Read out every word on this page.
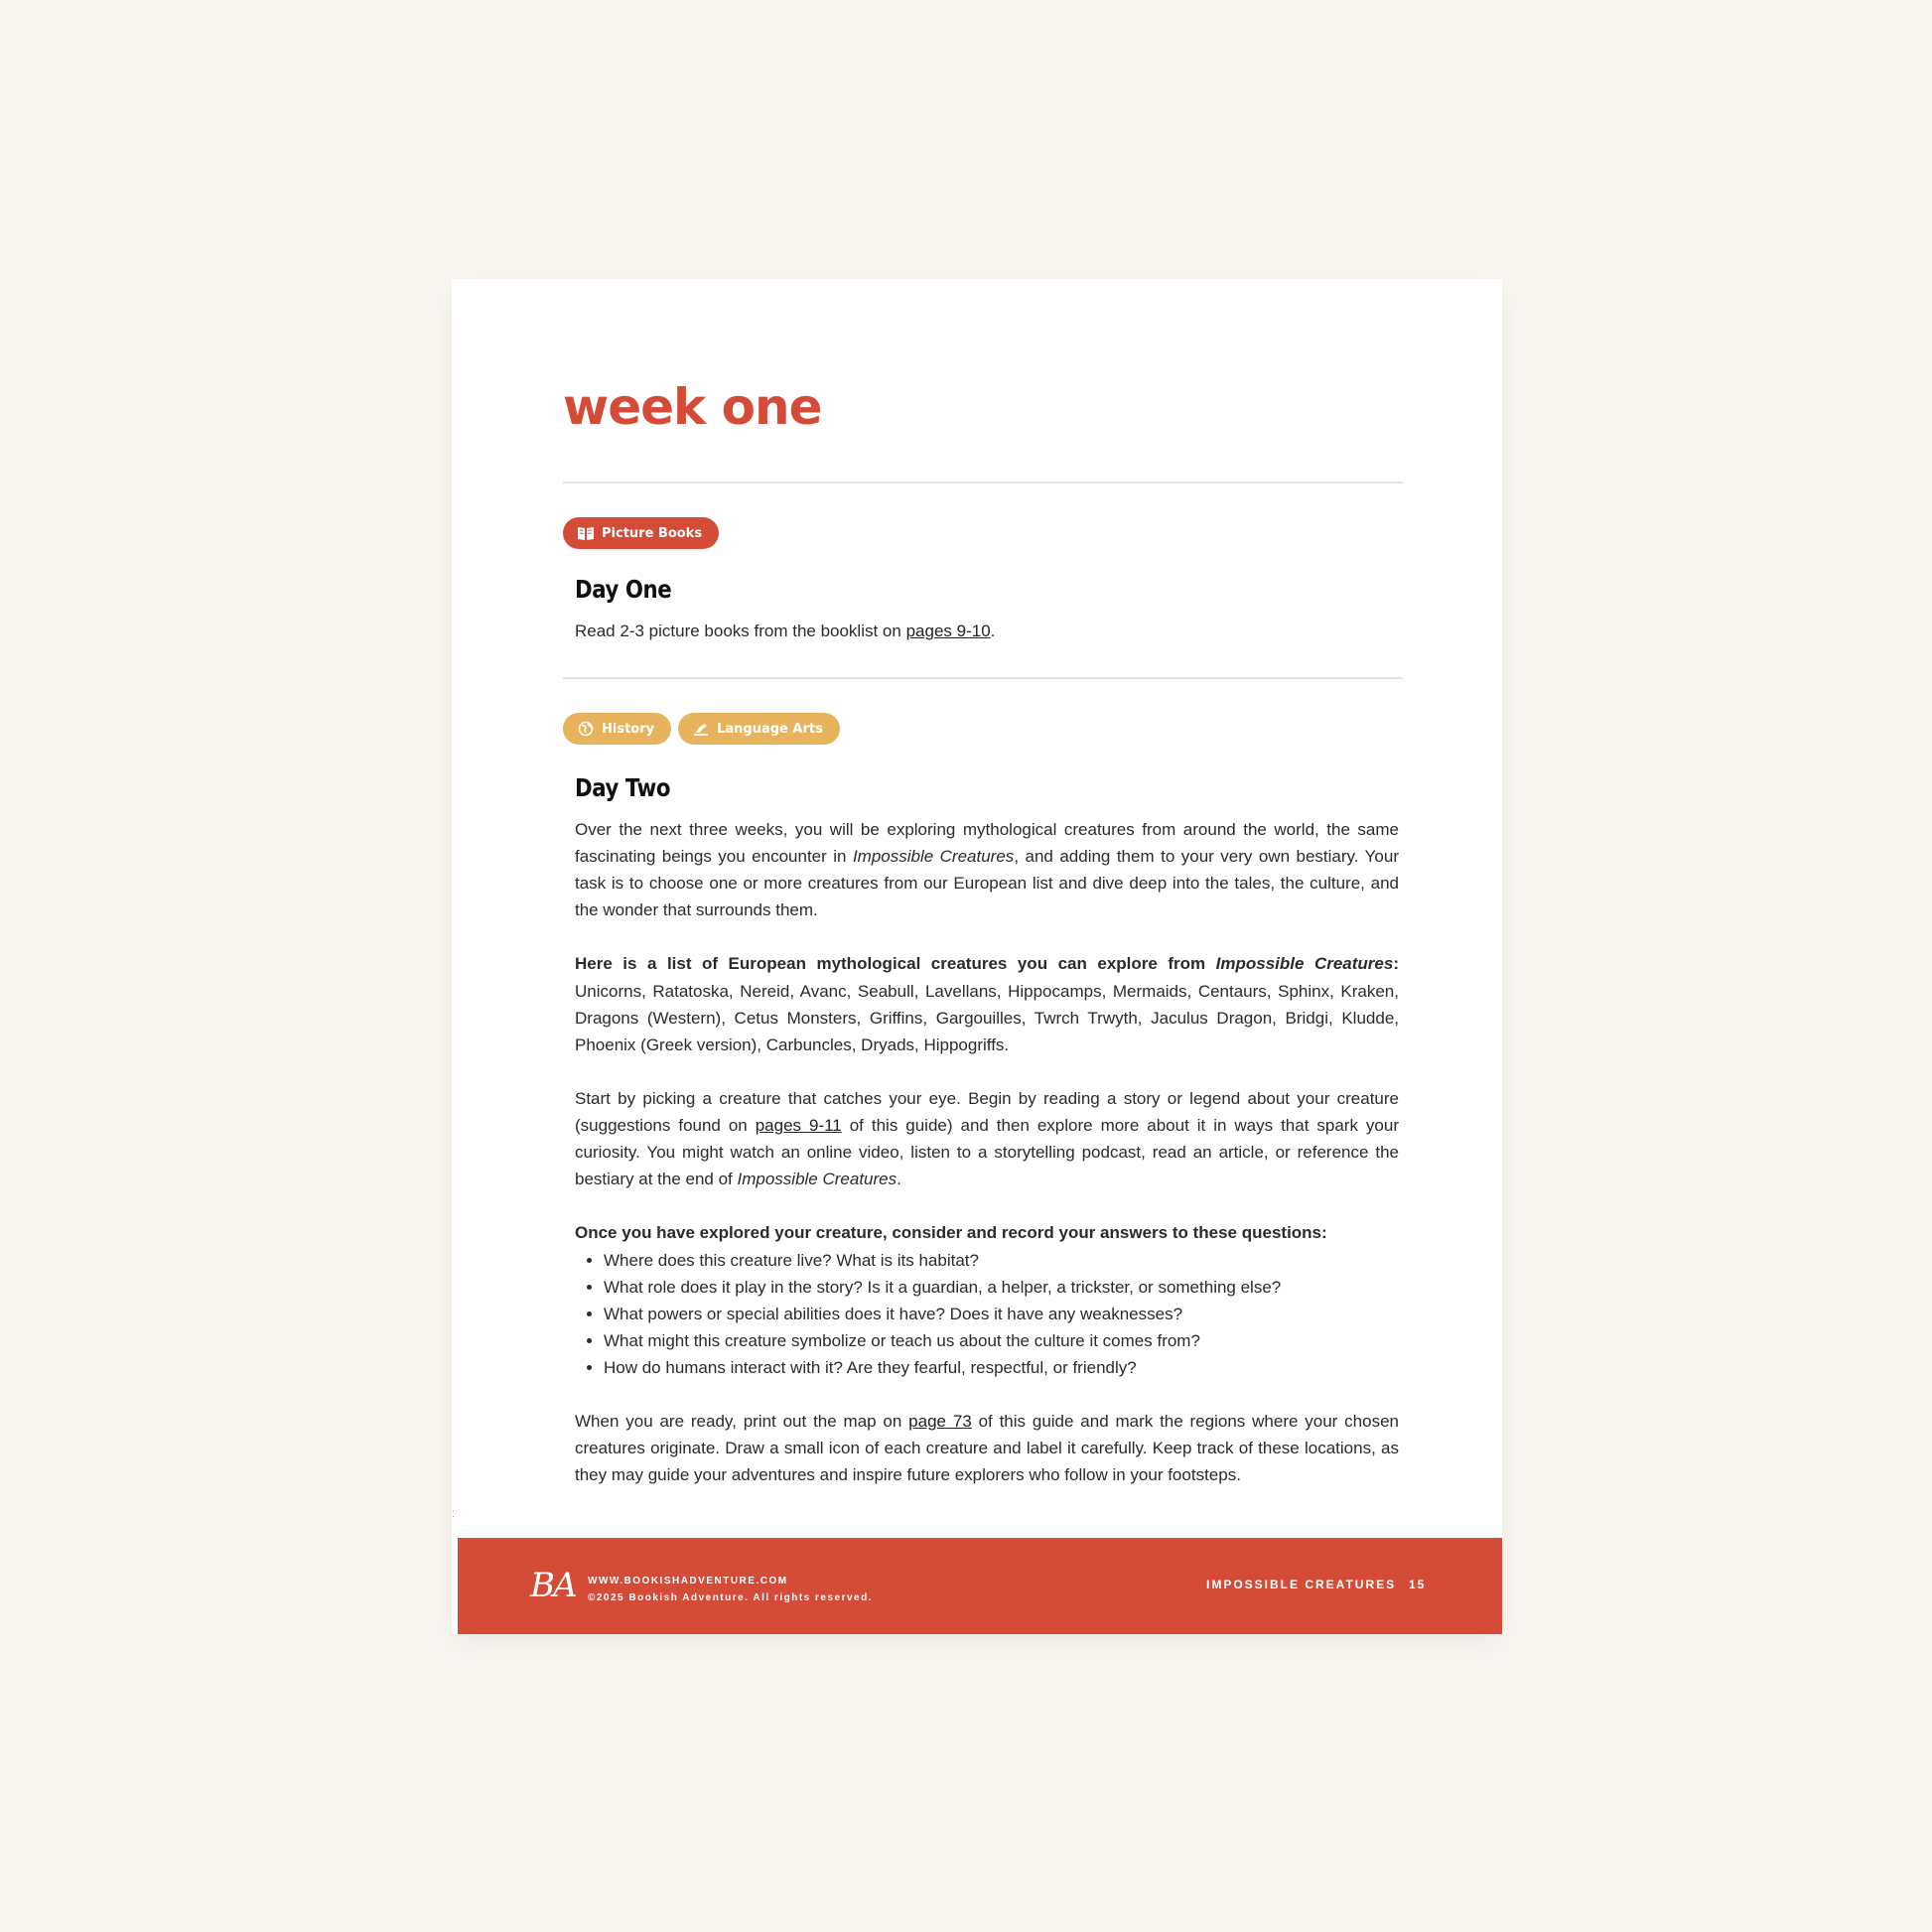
week one
Picture Books
Day One

Read 2-3 picture books from the booklist on pages 9-10.

History	Language Arts
Day Two

Over the next three weeks, you will be exploring mythological creatures from around the world, the same fascinating beings you encounter in Impossible Creatures, and adding them to your very own bestiary. Your task is to choose one or more creatures from our European list and dive deep into the tales, the culture, and the wonder that surrounds them.

Here is a list of European mythological creatures you can explore from Impossible Creatures: Unicorns, Ratatoska, Nereid, Avanc, Seabull, Lavellans, Hippocamps, Mermaids, Centaurs, Sphinx, Kraken, Dragons (Western), Cetus Monsters, Griffins, Gargouilles, Twrch Trwyth, Jaculus Dragon, Bridgi, Kludde, Phoenix (Greek version), Carbuncles, Dryads, Hippogriffs.

Start by picking a creature that catches your eye. Begin by reading a story or legend about your creature (suggestions found on pages 9-11 of this guide) and then explore more about it in ways that spark your curiosity. You might watch an online video, listen to a storytelling podcast, read an article, or reference the bestiary at the end of Impossible Creatures.

Once you have explored your creature, consider and record your answers to these questions:

• Where does this creature live? What is its habitat?
• What role does it play in the story? Is it a guardian, a helper, a trickster, or something else?
• What powers or special abilities does it have? Does it have any weaknesses?
• What might this creature symbolize or teach us about the culture it comes from?
• How do humans interact with it? Are they fearful, respectful, or friendly?

When you are ready, print out the map on page 73 of this guide and mark the regions where your chosen creatures originate. Draw a small icon of each creature and label it carefully. Keep track of these locations, as they may guide your adventures and inspire future explorers who follow in your footsteps.

⁚
BA WWW.BOOKISHADVENTURE.COM
©2025 Bookish Adventure. All rights reserved.
IMPOSSIBLE CREATURES 15
